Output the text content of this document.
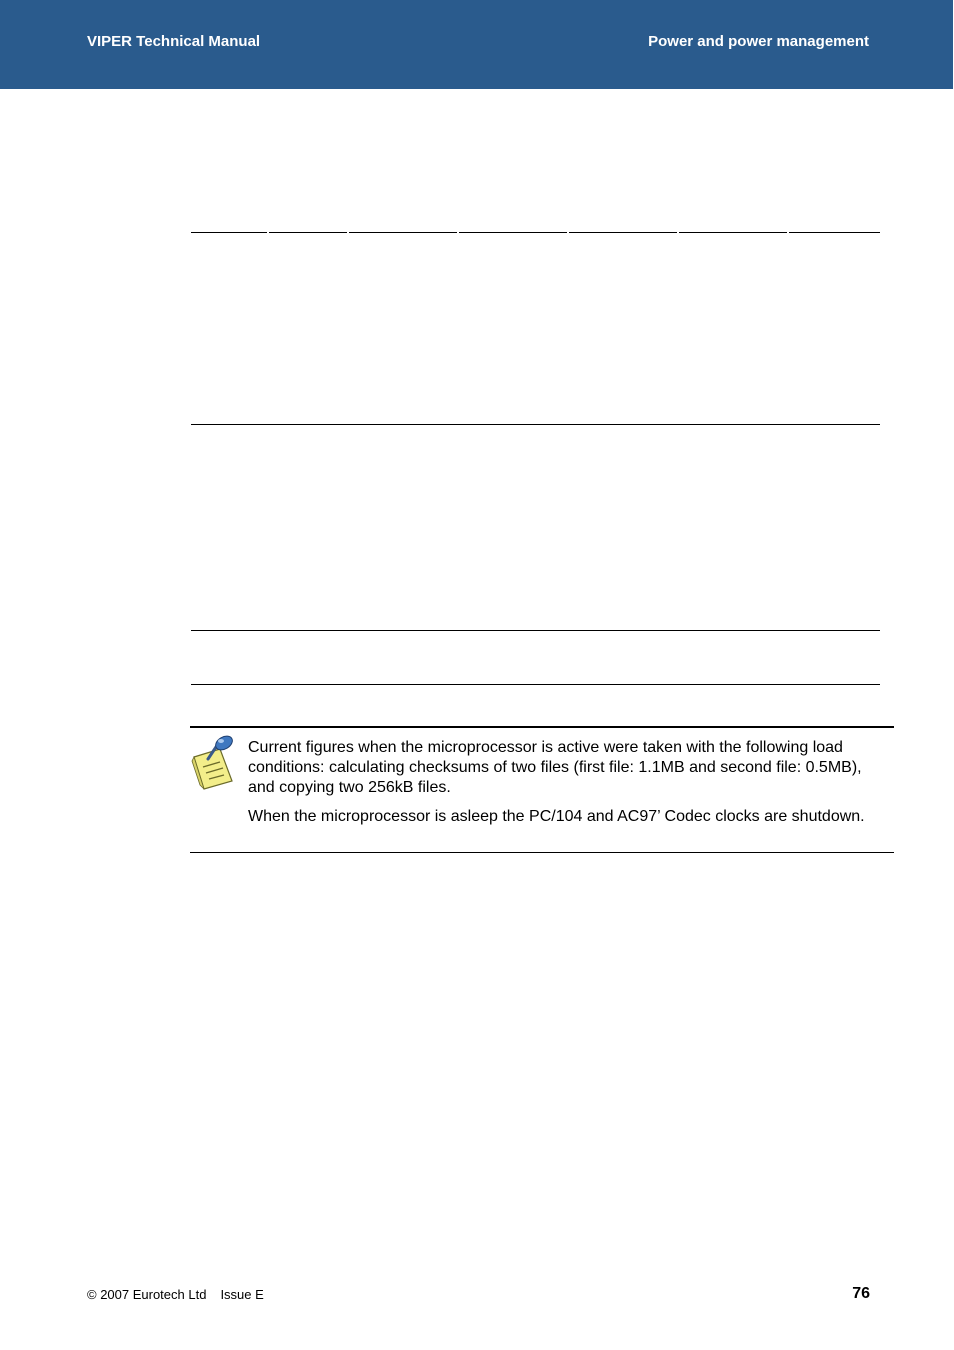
VIPER Technical Manual	Power and power management

Current figures when the microprocessor is active were taken with the following load conditions: calculating checksums of two files (first file: 1.1MB and second file: 0.5MB), and copying two 256kB files.

When the microprocessor is asleep the PC/104 and AC97’ Codec clocks are shutdown.

© 2007 Eurotech Ltd Issue E	76
